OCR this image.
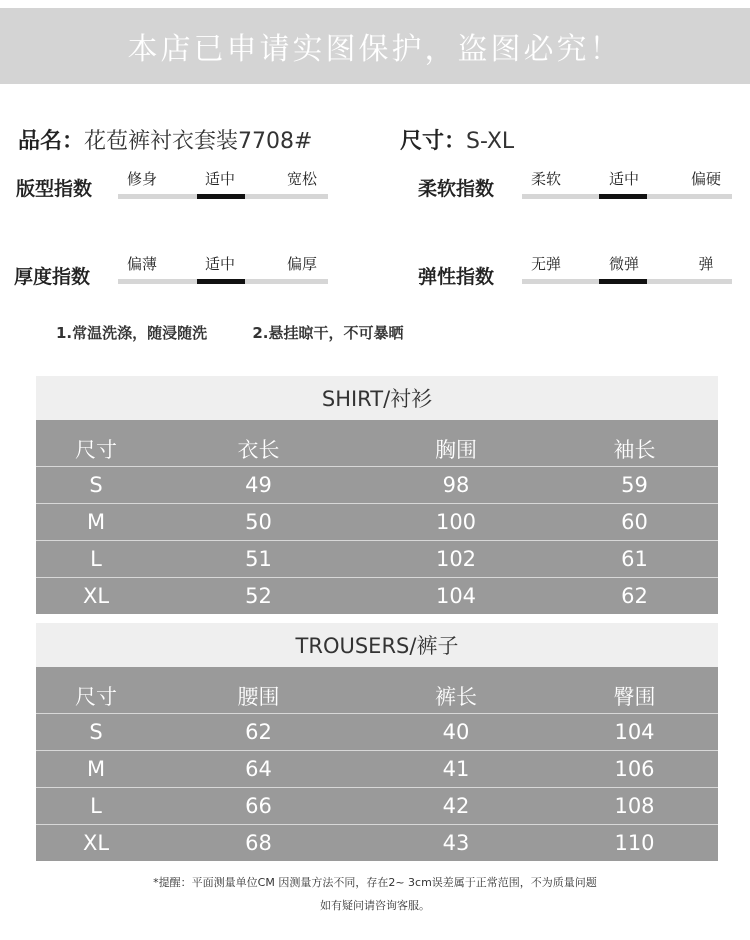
本店已申请实图保护，盗图必究！
品名：花苞裤衬衣套装7708#	尺寸：S-XL
版型指数	修身	适中	宽松	柔软指数	柔软	适中	偏硬
厚度指数
偏薄	适中	偏厚
弹性指数
无弹	微弹	弹
1.常温洗涤，随浸随洗	2.悬挂晾干，不可暴晒
SHIRT/衬衫
尺寸	衣长	胸围	袖长
S	49	98	59
M	50	100	60
L	51	102	61
XL	52	104	62
TROUSERS/裤子
尺寸	腰围	裤长	臀围
S	62	40	104
M	64	41	106
L	66	42	108
XL	68	43	110
*提醒：平面测量单位CM 因测量方法不同，存在2~ 3cm误差属于正常范围，不为质量问题
如有疑问请咨询客服。
